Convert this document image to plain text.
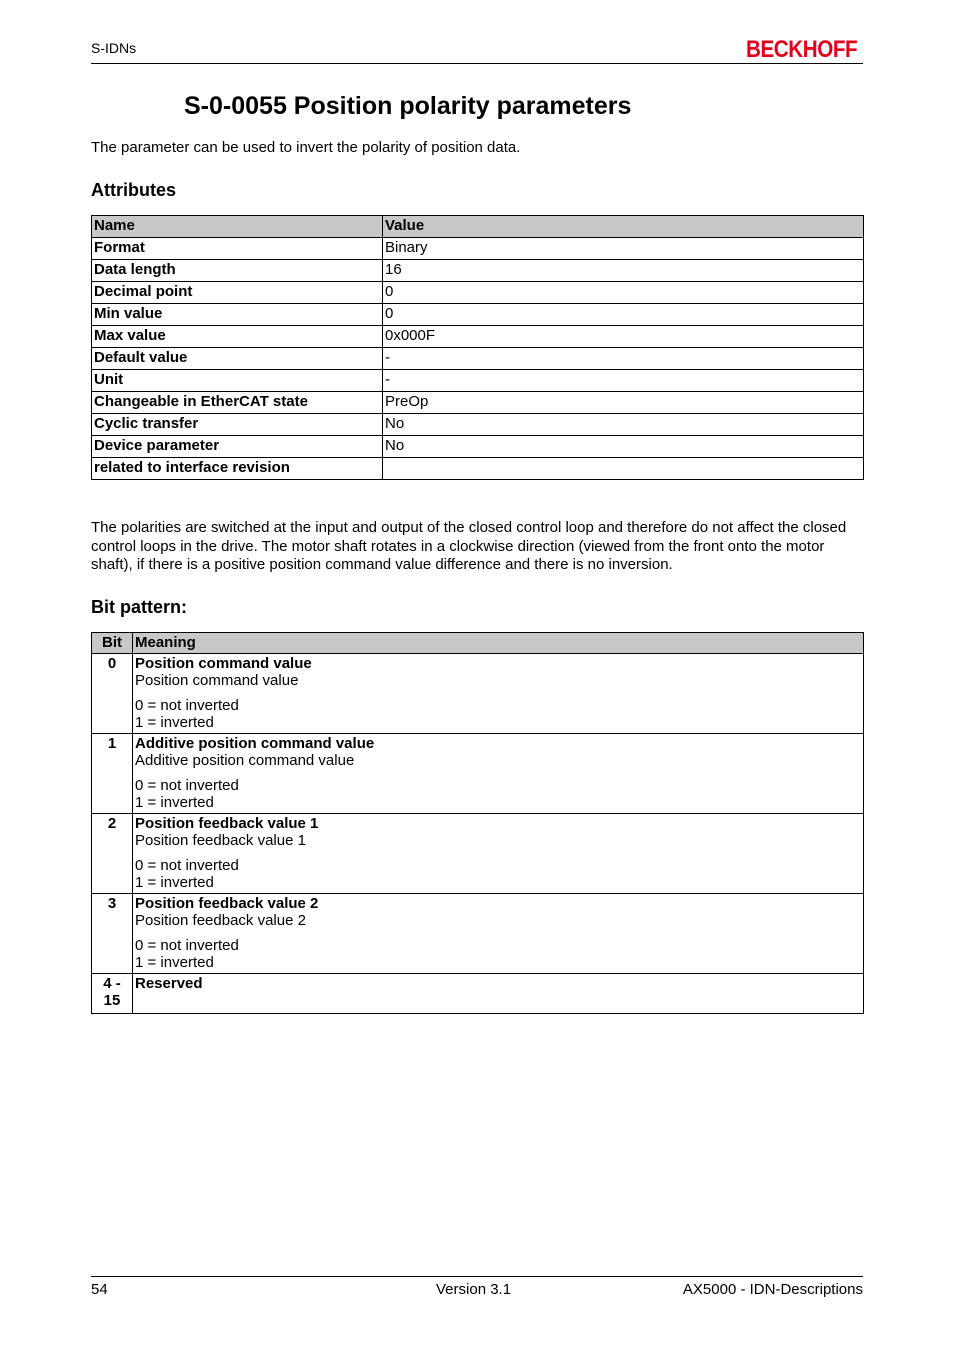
S-IDNs	BECKHOFF
S-0-0055 Position polarity parameters

The parameter can be used to invert the polarity of position data.

Attributes
Name	Value
Format	Binary
Data length	16
Decimal point	0
Min value	0
Max value	0x000F
Default value	-
Unit	-
Changeable in EtherCAT state	PreOp
Cyclic transfer	No
Device parameter	No
related to interface revision	

The polarities are switched at the input and output of the closed control loop and therefore do not affect the closed control loops in the drive. The motor shaft rotates in a clockwise direction (viewed from the front onto the motor shaft), if there is a positive position command value difference and there is no inversion.

Bit pattern:
Bit	Meaning
0	Position command value
Position command value
0 = not inverted
1 = inverted

1	Additive position command value
Additive position command value
0 = not inverted
1 = inverted

2	Position feedback value 1
Position feedback value 1
0 = not inverted
1 = inverted

3	Position feedback value 2
Position feedback value 2
0 = not inverted
1 = inverted

4 - 15	Reserved
54	Version 3.1	AX5000 - IDN-Descriptions
